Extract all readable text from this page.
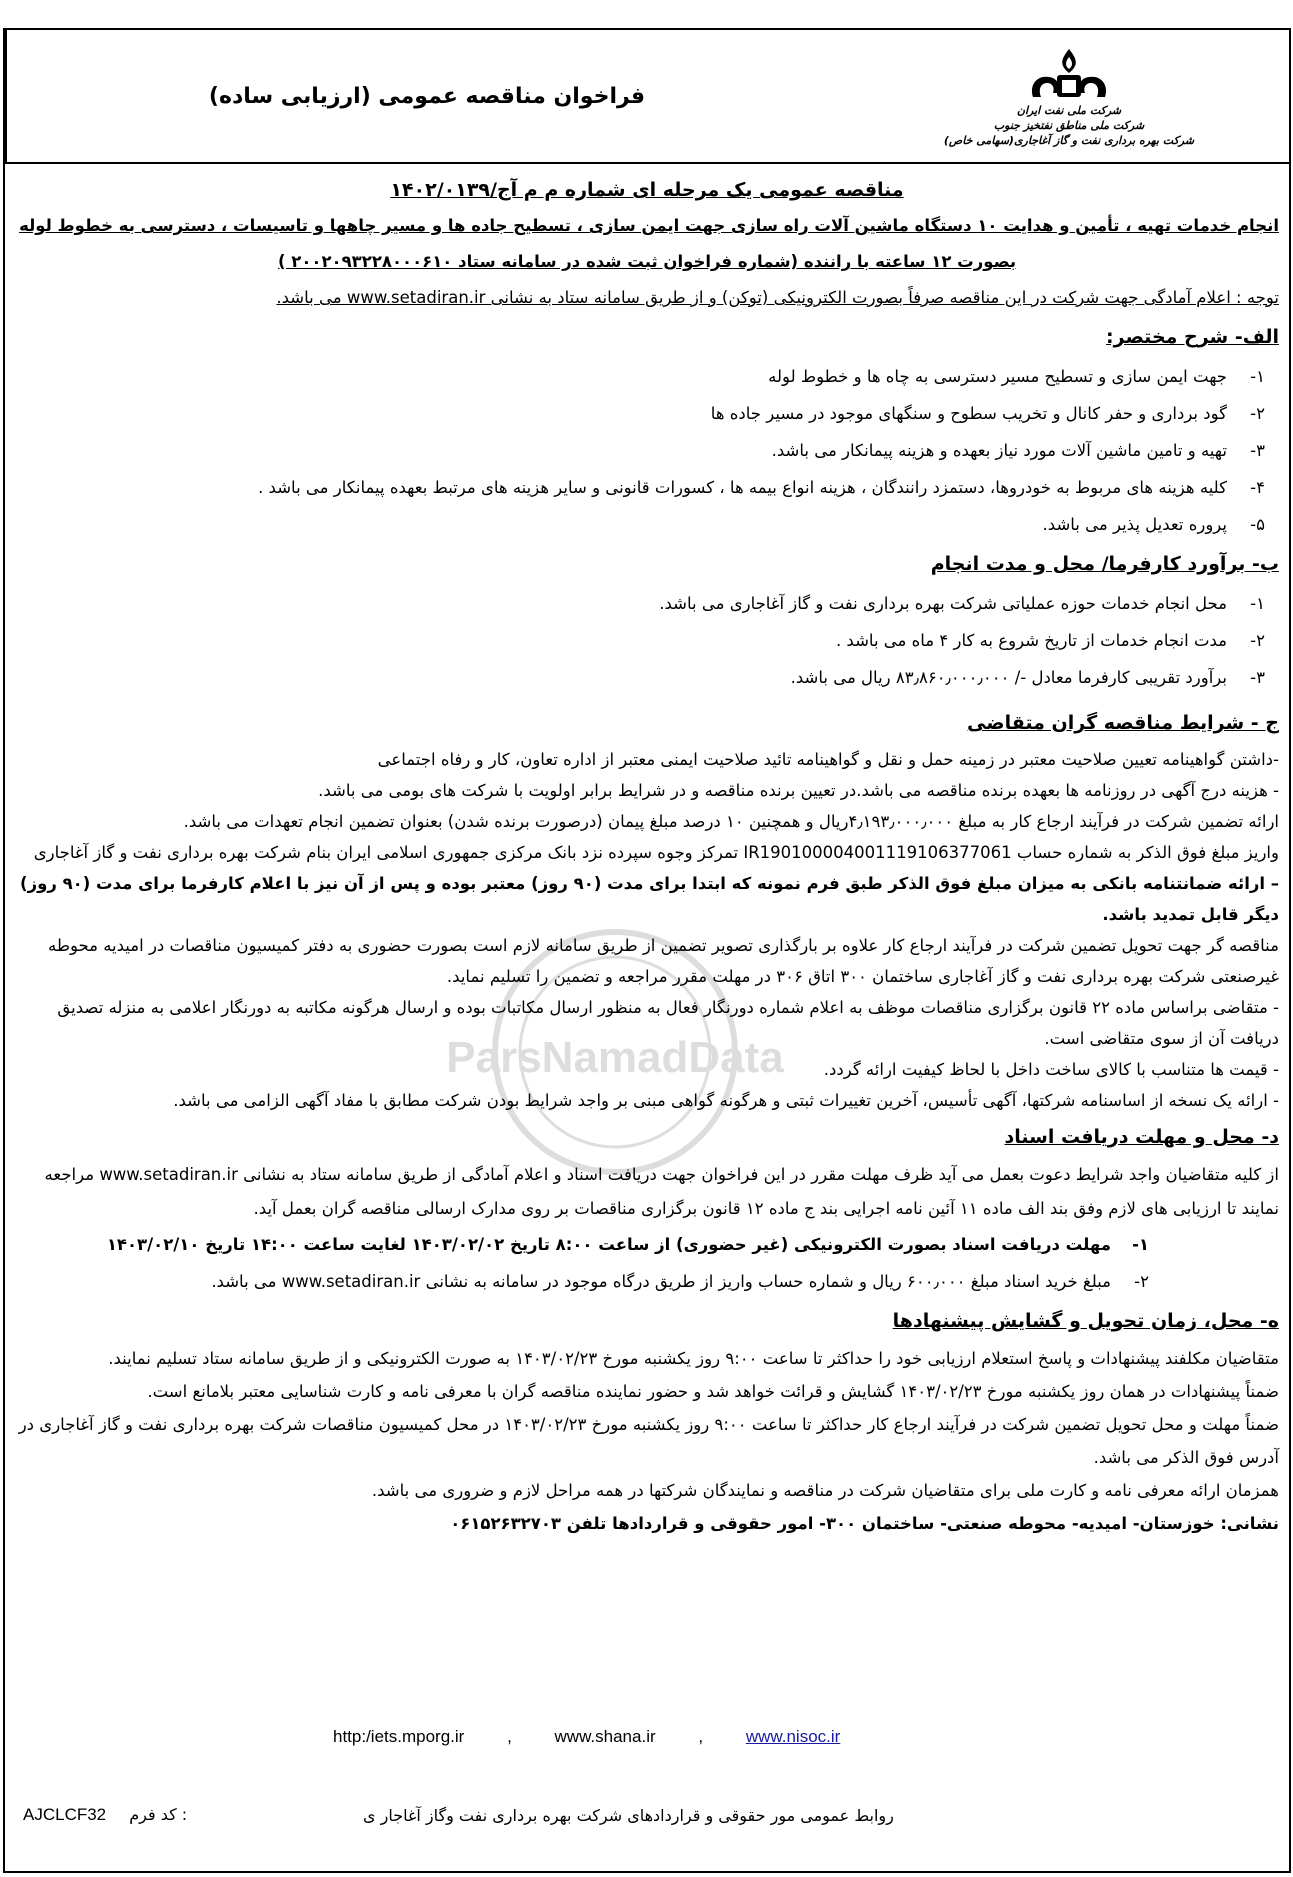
فراخوان مناقصه عمومی (ارزیابی ساده)
شرکت ملی نفت ایران
شرکت ملی مناطق نفتخیز جنوب
شرکت بهره برداری نفت و گاز آغاجاری(سهامی خاص)
ParsNamadData
مناقصه عمومی یک مرحله ای شماره م م آج/۱۴۰۲/۰۱۳۹
انجام خدمات تهیه ، تأمین و هدایت ۱۰ دستگاه ماشین آلات راه سازی جهت ایمن سازی ، تسطیح جاده ها و مسیر چاهها و تاسیسات ، دسترسی به خطوط لوله
بصورت ۱۲ ساعته با راننده (شماره فراخوان ثبت شده در سامانه ستاد ۲۰۰۲۰۹۳۲۲۸۰۰۰۶۱۰ )
توجه : اعلام آمادگی جهت شرکت در این مناقصه صرفاً بصورت الکترونیکی (توکن) و از طریق سامانه ستاد به نشانی www.setadiran.ir می باشد.
الف- شرح مختصر:
۱-جهت ایمن سازی و تسطیح مسیر دسترسی به چاه ها و خطوط لوله
۲-گود برداری و حفر کانال و تخریب سطوح و سنگهای موجود در مسیر جاده ها
۳-تهیه و تامین ماشین آلات مورد نیاز بعهده و هزینه پیمانکار می باشد.
۴-کلیه هزینه های مربوط به خودروها، دستمزد رانندگان ، هزینه انواع بیمه ها ، کسورات قانونی و سایر هزینه های مرتبط بعهده پیمانکار می باشد .
۵-پروره تعدیل پذیر می باشد.
ب- برآورد کارفرما/ محل و مدت انجام
۱-محل انجام خدمات حوزه عملیاتی شرکت بهره برداری نفت و گاز آغاجاری می باشد.
۲-مدت انجام خدمات از تاریخ شروع به کار ۴ ماه می باشد .
۳-برآورد تقریبی کارفرما معادل -/ ۸۳٫۸۶۰٫۰۰۰٫۰۰۰ ریال می باشد.
ج - شرایط مناقصه گران متقاضی
-داشتن گواهینامه تعیین صلاحیت معتبر در زمینه حمل و نقل و گواهینامه تائید صلاحیت ایمنی معتبر از اداره تعاون، کار و رفاه اجتماعی
- هزینه درج آگهی در روزنامه ها بعهده برنده مناقصه می باشد.در تعیین برنده مناقصه و در شرایط برابر اولویت با شرکت های بومی می باشد.
ارائه تضمین شرکت در فرآیند ارجاع کار به مبلغ ۴٫۱۹۳٫۰۰۰٫۰۰۰ریال و همچنین ۱۰ درصد مبلغ پیمان (درصورت برنده شدن) بعنوان تضمین انجام تعهدات می باشد.
واریز مبلغ فوق الذکر به شماره حساب IR190100004001119106377061 تمرکز وجوه سپرده نزد بانک مرکزی جمهوری اسلامی ایران بنام شرکت بهره برداری نفت و گاز آغاجاری
– ارائه ضمانتنامه بانکی به میزان مبلغ فوق الذکر طبق فرم نمونه که ابتدا برای مدت (۹۰ روز) معتبر بوده و پس از آن نیز با اعلام کارفرما برای مدت (۹۰ روز) دیگر قابل تمدید باشد.
مناقصه گر جهت تحویل تضمین شرکت در فرآیند ارجاع کار علاوه بر بارگذاری تصویر تضمین از طریق سامانه لازم است بصورت حضوری به دفتر کمیسیون مناقصات در امیدیه محوطه غیرصنعتی شرکت بهره برداری نفت و گاز آغاجاری ساختمان ۳۰۰ اتاق ۳۰۶ در مهلت مقرر مراجعه و تضمین را تسلیم نماید.
- متقاضی براساس ماده ۲۲ قانون برگزاری مناقصات موظف به اعلام شماره دورنگار فعال به منظور ارسال مکاتبات بوده و ارسال هرگونه مکاتبه به دورنگار اعلامی به منزله تصدیق دریافت آن از سوی متقاضی است.
- قیمت ها متناسب با کالای ساخت داخل با لحاظ کیفیت ارائه گردد.
- ارائه یک نسخه از اساسنامه شرکتها، آگهی تأسیس، آخرین تغییرات ثبتی و هرگونه گواهی مبنی بر واجد شرایط بودن شرکت مطابق با مفاد آگهی الزامی می باشد.
د- محل و مهلت دریافت اسناد
از کلیه متقاضیان واجد شرایط دعوت بعمل می آید ظرف مهلت مقرر در این فراخوان جهت دریافت اسناد و اعلام آمادگی از طریق سامانه ستاد به نشانی www.setadiran.ir مراجعه نمایند تا ارزیابی های لازم وفق بند الف ماده ۱۱ آئین نامه اجرایی بند ج ماده ۱۲ قانون برگزاری مناقصات بر روی مدارک ارسالی مناقصه گران بعمل آید.
۱-مهلت دریافت اسناد بصورت الکترونیکی (غیر حضوری) از ساعت ۸:۰۰ تاریخ ۱۴۰۳/۰۲/۰۲ لغایت ساعت ۱۴:۰۰ تاریخ ۱۴۰۳/۰۲/۱۰
۲-مبلغ خرید اسناد مبلغ ۶۰۰٫۰۰۰ ریال و شماره حساب واریز از طریق درگاه موجود در سامانه به نشانی www.setadiran.ir می باشد.
ه- محل، زمان تحویل و گشایش پیشنهادها
متقاضیان مکلفند پیشنهادات و پاسخ استعلام ارزیابی خود را حداکثر تا ساعت ۹:۰۰ روز یکشنبه مورخ ۱۴۰۳/۰۲/۲۳ به صورت الکترونیکی و از طریق سامانه ستاد تسلیم نمایند.
ضمناً پیشنهادات در همان روز یکشنبه مورخ ۱۴۰۳/۰۲/۲۳ گشایش و قرائت خواهد شد و حضور نماینده مناقصه گران با معرفی نامه و کارت شناسایی معتبر بلامانع است.
ضمناً مهلت و محل تحویل تضمین شرکت در فرآیند ارجاع کار حداکثر تا ساعت ۹:۰۰ روز یکشنبه مورخ ۱۴۰۳/۰۲/۲۳ در محل کمیسیون مناقصات شرکت بهره برداری نفت و گاز آغاجاری در آدرس فوق الذکر می باشد.
همزمان ارائه معرفی نامه و کارت ملی برای متقاضیان شرکت در مناقصه و نمایندگان شرکتها در همه مراحل لازم و ضروری می باشد.
نشانی: خوزستان- امیدیه- محوطه صنعتی- ساختمان ۳۰۰- امور حقوقی و قراردادها تلفن ۰۶۱۵۲۶۳۲۷۰۳
http:/iets.mporg.ir	,	www.shana.ir	,	www.nisoc.ir
AJCLCF32 کد فرم :	روابط عمومی مور حقوقی و قراردادهای شرکت بهره برداری نفت وگاز آغاجار ی
